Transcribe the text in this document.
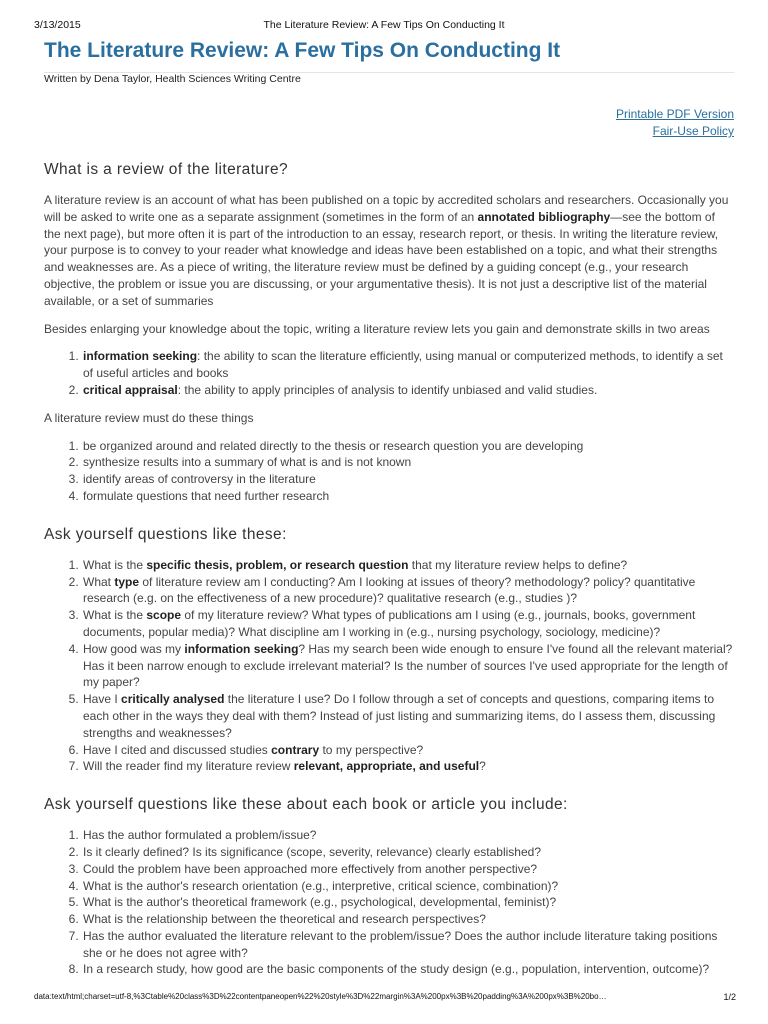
3/13/2015	The Literature Review: A Few Tips On Conducting It
The Literature Review: A Few Tips On Conducting It
Written by Dena Taylor, Health Sciences Writing Centre
Printable PDF Version
Fair-Use Policy
What is a review of the literature?

A literature review is an account of what has been published on a topic by accredited scholars and researchers. Occasionally you will be asked to write one as a separate assignment (sometimes in the form of an annotated bibliography—see the bottom of the next page), but more often it is part of the introduction to an essay, research report, or thesis. In writing the literature review, your purpose is to convey to your reader what knowledge and ideas have been established on a topic, and what their strengths and weaknesses are. As a piece of writing, the literature review must be defined by a guiding concept (e.g., your research objective, the problem or issue you are discussing, or your argumentative thesis). It is not just a descriptive list of the material available, or a set of summaries

Besides enlarging your knowledge about the topic, writing a literature review lets you gain and demonstrate skills in two areas

1. information seeking: the ability to scan the literature efficiently, using manual or computerized methods, to identify a set of useful articles and books
2. critical appraisal: the ability to apply principles of analysis to identify unbiased and valid studies.

A literature review must do these things

1. be organized around and related directly to the thesis or research question you are developing
2. synthesize results into a summary of what is and is not known
3. identify areas of controversy in the literature
4. formulate questions that need further research
Ask yourself questions like these:
1. What is the specific thesis, problem, or research question that my literature review helps to define?
2. What type of literature review am I conducting? Am I looking at issues of theory? methodology? policy? quantitative research (e.g. on the effectiveness of a new procedure)? qualitative research (e.g., studies )?
3. What is the scope of my literature review? What types of publications am I using (e.g., journals, books, government documents, popular media)? What discipline am I working in (e.g., nursing psychology, sociology, medicine)?
4. How good was my information seeking? Has my search been wide enough to ensure I've found all the relevant material? Has it been narrow enough to exclude irrelevant material? Is the number of sources I've used appropriate for the length of my paper?
5. Have I critically analysed the literature I use? Do I follow through a set of concepts and questions, comparing items to each other in the ways they deal with them? Instead of just listing and summarizing items, do I assess them, discussing strengths and weaknesses?
6. Have I cited and discussed studies contrary to my perspective?
7. Will the reader find my literature review relevant, appropriate, and useful?
Ask yourself questions like these about each book or article you include:
1. Has the author formulated a problem/issue?
2. Is it clearly defined? Is its significance (scope, severity, relevance) clearly established?
3. Could the problem have been approached more effectively from another perspective?
4. What is the author's research orientation (e.g., interpretive, critical science, combination)?
5. What is the author's theoretical framework (e.g., psychological, developmental, feminist)?
6. What is the relationship between the theoretical and research perspectives?
7. Has the author evaluated the literature relevant to the problem/issue? Does the author include literature taking positions she or he does not agree with?
8. In a research study, how good are the basic components of the study design (e.g., population, intervention, outcome)?
data:text/html;charset=utf-8,%3Ctable%20class%3D%22contentpaneopen%22%20style%3D%22margin%3A%200px%3B%20padding%3A%200px%3B%20bo…	1/2
